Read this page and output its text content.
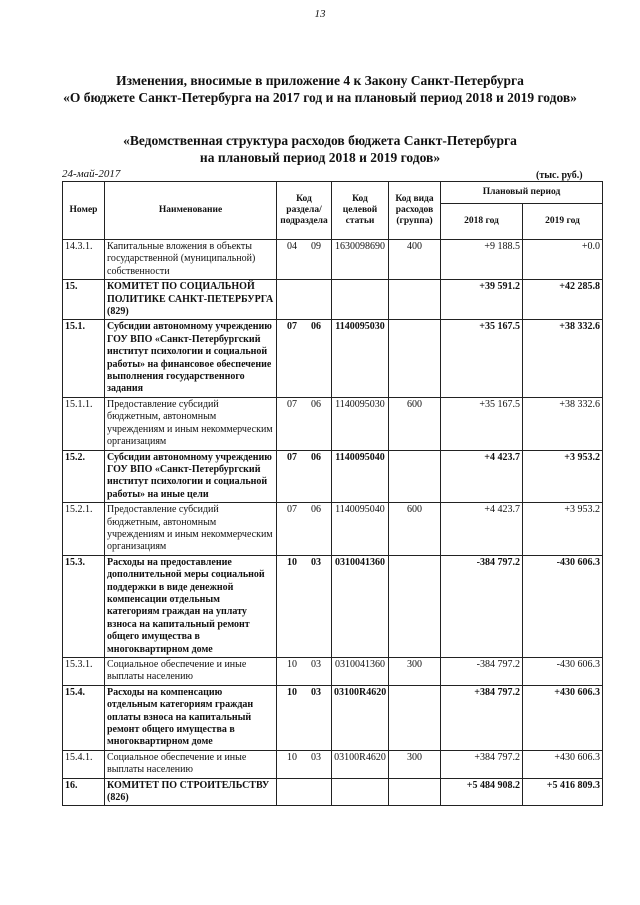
13
Изменения, вносимые в приложение 4 к Закону Санкт-Петербурга
«О бюджете Санкт-Петербурга на 2017 год и на плановый период 2018 и 2019 годов»
«Ведомственная структура расходов бюджета Санкт-Петербурга
на плановый период 2018 и 2019 годов»
24-май-2017	(тыс. руб.)
Номер	Наименование	Код раздела/ подраздела	Код целевой статьи	Код вида расходов (группа)	Плановый период	
					2018 год	2019 год
14.3.1.	Капитальные вложения в объекты государственной (муниципальной) собственности	04 09	1630098690	400	+9 188.5	+0.0
15.	КОМИТЕТ ПО СОЦИАЛЬНОЙ ПОЛИТИКЕ САНКТ-ПЕТЕРБУРГА (829)				+39 591.2	+42 285.8
15.1.	Субсидии автономному учреждению ГОУ ВПО «Санкт-Петербургский институт психологии и социальной работы» на финансовое обеспечение выполнения государственного задания	07 06	1140095030		+35 167.5	+38 332.6
15.1.1.	Предоставление субсидий бюджетным, автономным учреждениям и иным некоммерческим организациям	07 06	1140095030	600	+35 167.5	+38 332.6
15.2.	Субсидии автономному учреждению ГОУ ВПО «Санкт-Петербургский институт психологии и социальной работы» на иные цели	07 06	1140095040		+4 423.7	+3 953.2
15.2.1.	Предоставление субсидий бюджетным, автономным учреждениям и иным некоммерческим организациям	07 06	1140095040	600	+4 423.7	+3 953.2
15.3.	Расходы на предоставление дополнительной меры социальной поддержки в виде денежной компенсации отдельным категориям граждан на уплату взноса на капитальный ремонт общего имущества в многоквартирном доме	10 03	0310041360		-384 797.2	-430 606.3
15.3.1.	Социальное обеспечение и иные выплаты населению	10 03	0310041360	300	-384 797.2	-430 606.3
15.4.	Расходы на компенсацию отдельным категориям граждан оплаты взноса на капитальный ремонт общего имущества в многоквартирном доме	10 03	03100R4620		+384 797.2	+430 606.3
15.4.1.	Социальное обеспечение и иные выплаты населению	10 03	03100R4620	300	+384 797.2	+430 606.3
16.	КОМИТЕТ ПО СТРОИТЕЛЬСТВУ (826)				+5 484 908.2	+5 416 809.3
